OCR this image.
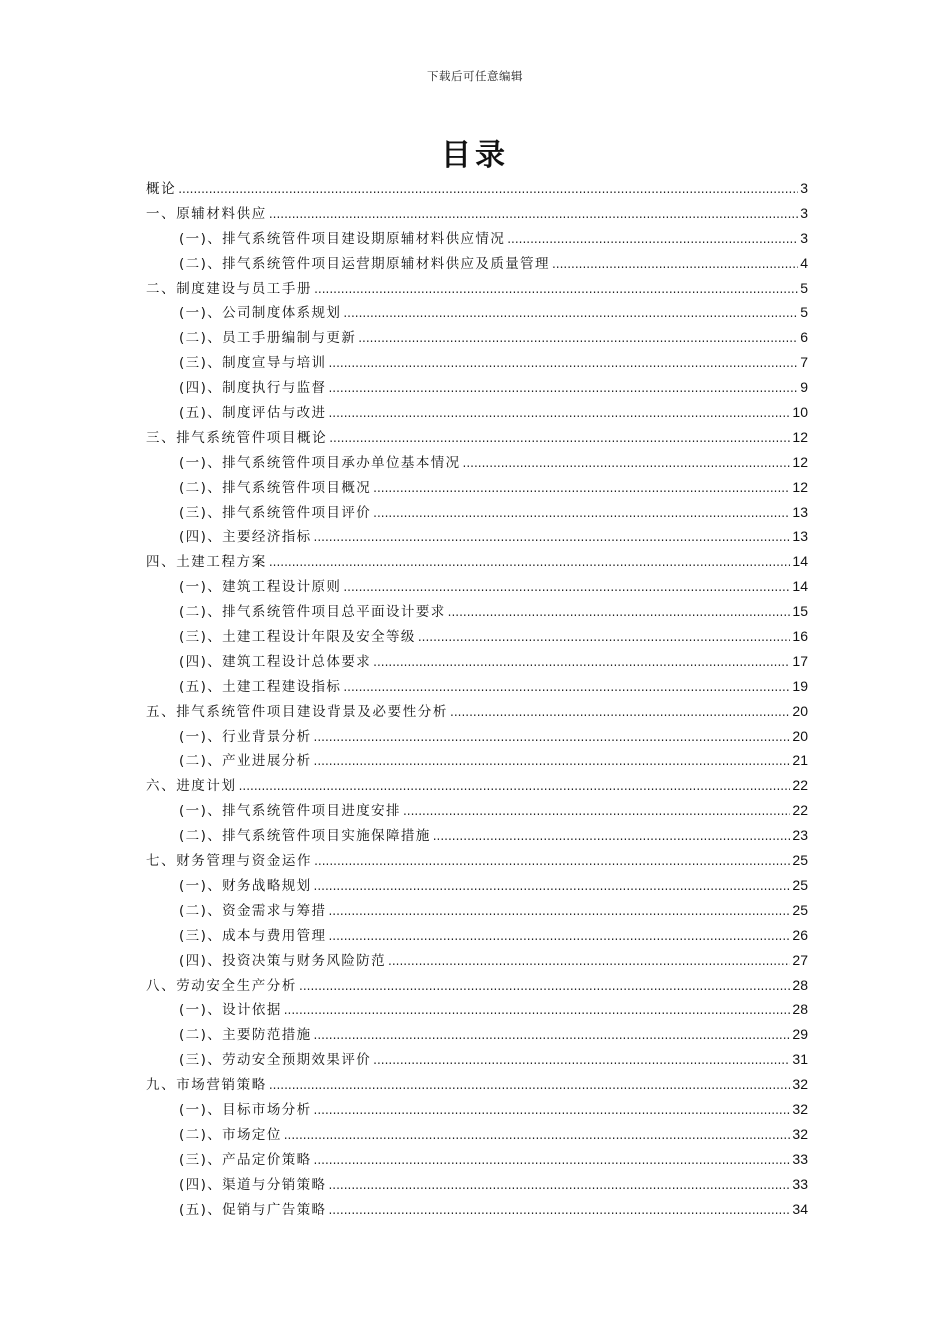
下载后可任意编辑
目录
概论 .....	3
一、原辅材料供应 .....	3
(一)、排气系统管件项目建设期原辅材料供应情况 .....	3
(二)、排气系统管件项目运营期原辅材料供应及质量管理 .....	4
二、制度建设与员工手册 .....	5
(一)、公司制度体系规划 .....	5
(二)、员工手册编制与更新 .....	6
(三)、制度宣导与培训 .....	7
(四)、制度执行与监督 .....	9
(五)、制度评估与改进 .....	10
三、排气系统管件项目概论 .....	12
(一)、排气系统管件项目承办单位基本情况 .....	12
(二)、排气系统管件项目概况 .....	12
(三)、排气系统管件项目评价 .....	13
(四)、主要经济指标 .....	13
四、土建工程方案 .....	14
(一)、建筑工程设计原则 .....	14
(二)、排气系统管件项目总平面设计要求 .....	15
(三)、土建工程设计年限及安全等级 .....	16
(四)、建筑工程设计总体要求 .....	17
(五)、土建工程建设指标 .....	19
五、排气系统管件项目建设背景及必要性分析 .....	20
(一)、行业背景分析 .....	20
(二)、产业进展分析 .....	21
六、进度计划 .....	22
(一)、排气系统管件项目进度安排 .....	22
(二)、排气系统管件项目实施保障措施 .....	23
七、财务管理与资金运作 .....	25
(一)、财务战略规划 .....	25
(二)、资金需求与筹措 .....	25
(三)、成本与费用管理 .....	26
(四)、投资决策与财务风险防范 .....	27
八、劳动安全生产分析 .....	28
(一)、设计依据 .....	28
(二)、主要防范措施 .....	29
(三)、劳动安全预期效果评价 .....	31
九、市场营销策略 .....	32
(一)、目标市场分析 .....	32
(二)、市场定位 .....	32
(三)、产品定价策略 .....	33
(四)、渠道与分销策略 .....	33
(五)、促销与广告策略 .....	34
